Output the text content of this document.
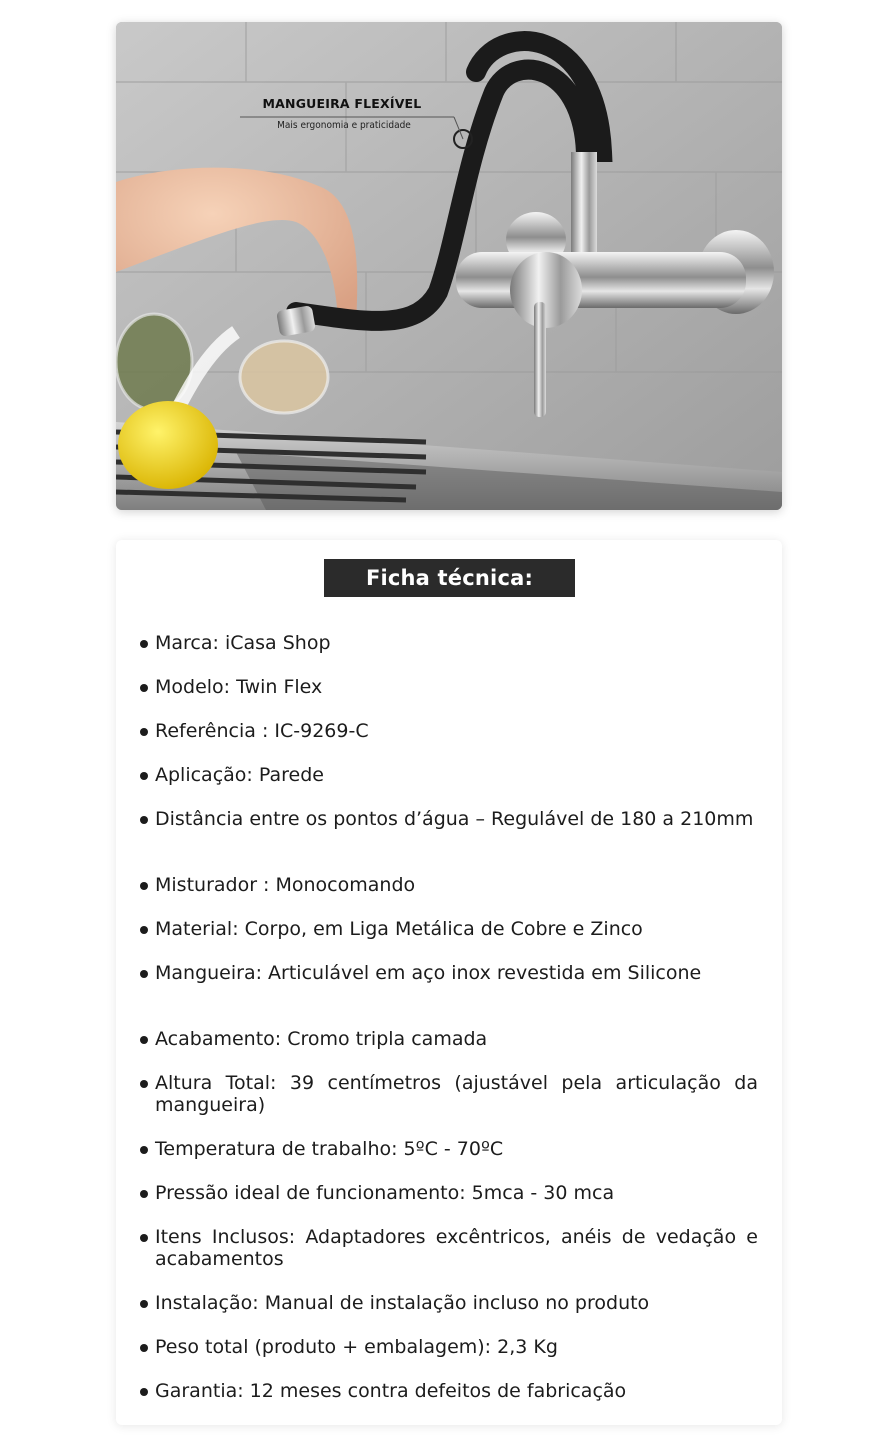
MANGUEIRA FLEXÍVEL
Mais ergonomia e praticidade
Ficha técnica:
Marca: iCasa Shop
Modelo: Twin Flex
Referência : IC-9269-C
Aplicação: Parede
Distância entre os pontos d’água – Regulável de 180 a 210mm
Misturador : Monocomando
Material: Corpo, em Liga Metálica de Cobre e Zinco
Mangueira: Articulável em aço inox revestida em Silicone
Acabamento: Cromo tripla camada
Altura Total: 39 centímetros (ajustável pela articulação da mangueira)
Temperatura de trabalho: 5ºC - 70ºC
Pressão ideal de funcionamento: 5mca - 30 mca
Itens Inclusos: Adaptadores excêntricos, anéis de vedação e acabamentos
Instalação: Manual de instalação incluso no produto
Peso total (produto + embalagem): 2,3 Kg
Garantia: 12 meses contra defeitos de fabricação
